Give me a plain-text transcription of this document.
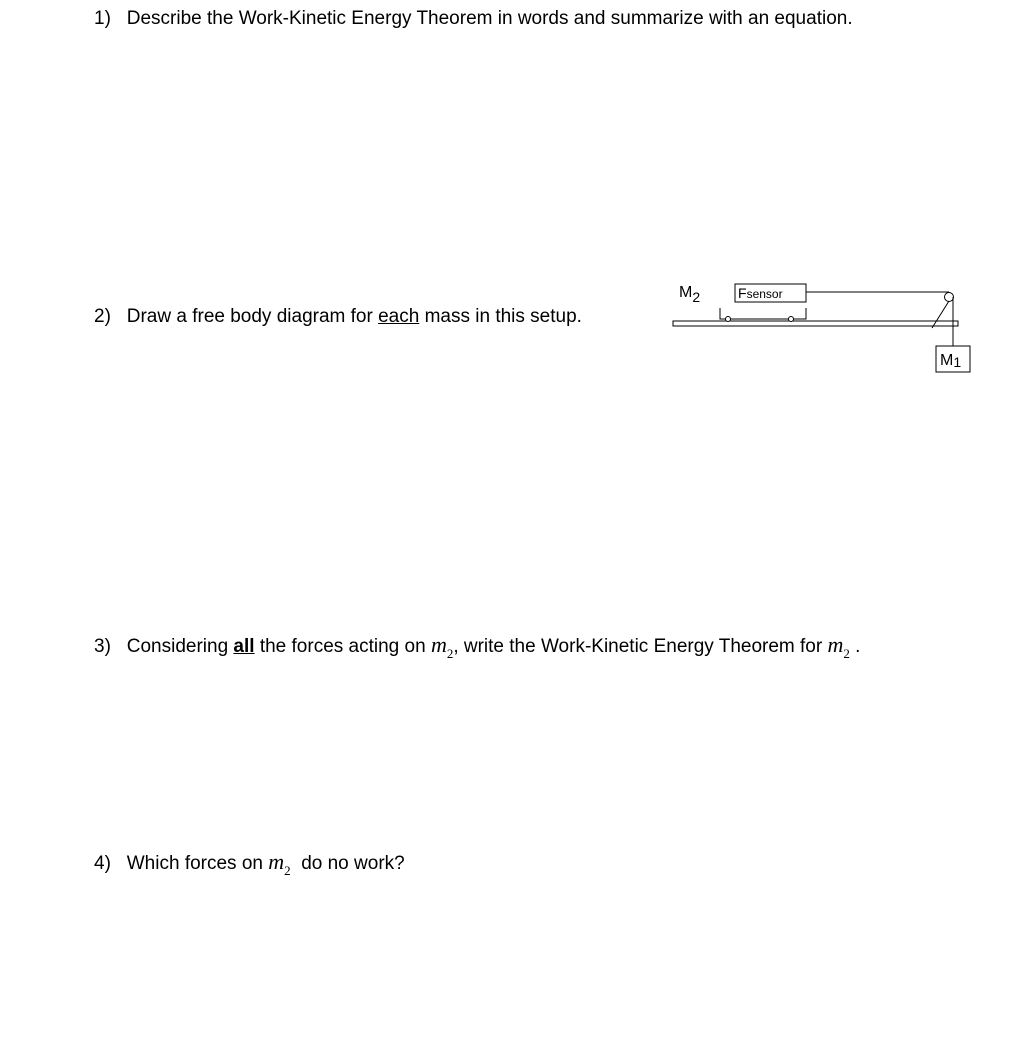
1) Describe the Work-Kinetic Energy Theorem in words and summarize with an equation.
2) Draw a free body diagram for each mass in this setup.
M2	Fsensor
M1
3) Considering all the forces acting on $m_2$, write the Work-Kinetic Energy Theorem for $m_2$ .
4) Which forces on $m_2$  do no work?
